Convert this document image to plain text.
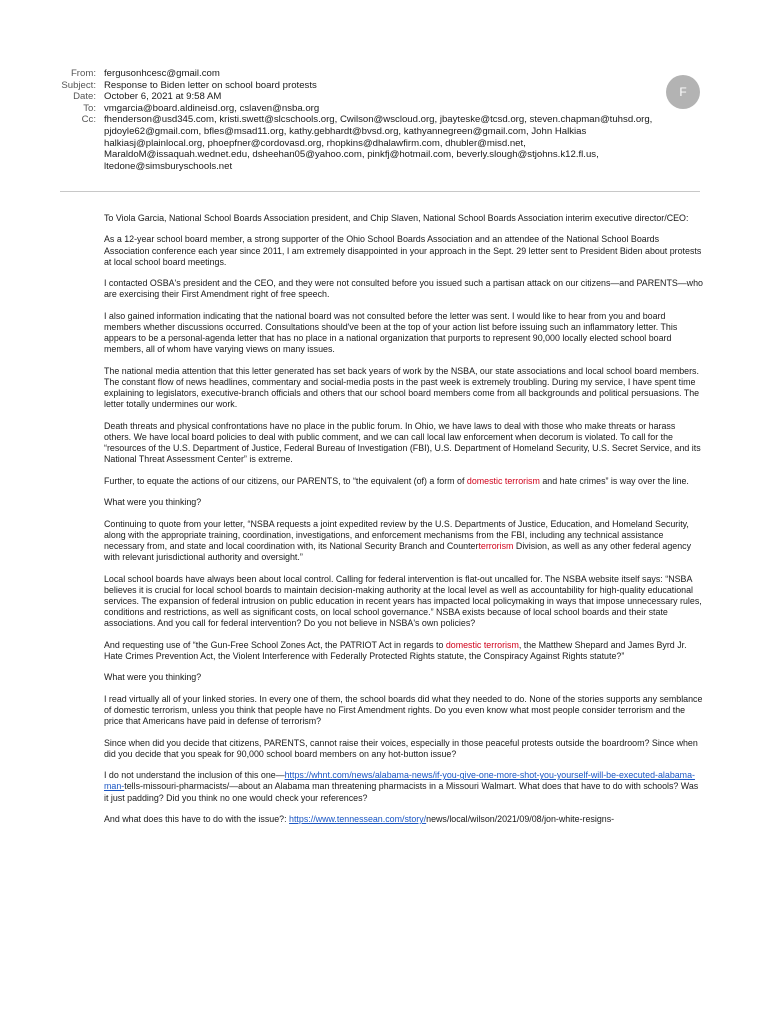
From: fergusonhcesc@gmail.com
Subject: Response to Biden letter on school board protests
Date: October 6, 2021 at 9:58 AM
To: vmgarcia@board.aldineisd.org, cslaven@nsba.org
Cc: fhenderson@usd345.com, kristi.swett@slcschools.org, Cwilson@wscloud.org, jbayteske@tcsd.org, steven.chapman@tuhsd.org, pjdoyle62@gmail.com, bfles@msad11.org, kathy.gebhardt@bvsd.org, kathyannegreen@gmail.com, John Halkias halkiasj@plainlocal.org, phoepfner@cordovasd.org, rhopkins@dhalawfirm.com, dhubler@misd.net, MaraldoM@issaquah.wednet.edu, dsheehan05@yahoo.com, pinkfj@hotmail.com, beverly.slough@stjohns.k12.fl.us, ltedone@simsburyschools.net
F

To Viola Garcia, National School Boards Association president, and Chip Slaven, National School Boards Association interim executive director/CEO:

As a 12-year school board member, a strong supporter of the Ohio School Boards Association and an attendee of the National School Boards Association conference each year since 2011, I am extremely disappointed in your approach in the Sept. 29 letter sent to President Biden about protests at local school board meetings.

I contacted OSBA's president and the CEO, and they were not consulted before you issued such a partisan attack on our citizens—and PARENTS—who are exercising their First Amendment right of free speech.

I also gained information indicating that the national board was not consulted before the letter was sent. I would like to hear from you and board members whether discussions occurred. Consultations should've been at the top of your action list before issuing such an inflammatory letter. This appears to be a personal-agenda letter that has no place in a national organization that purports to represent 90,000 locally elected school board members, all of whom have varying views on many issues.

The national media attention that this letter generated has set back years of work by the NSBA, our state associations and local school board members. The constant flow of news headlines, commentary and social-media posts in the past week is extremely troubling. During my service, I have spent time explaining to legislators, executive-branch officials and others that our school board members come from all backgrounds and political persuasions. The letter totally undermines our work.

Death threats and physical confrontations have no place in the public forum. In Ohio, we have laws to deal with those who make threats or harass others. We have local board policies to deal with public comment, and we can call local law enforcement when decorum is violated. To call for the “resources of the U.S. Department of Justice, Federal Bureau of Investigation (FBI), U.S. Department of Homeland Security, U.S. Secret Service, and its National Threat Assessment Center” is extreme.

Further, to equate the actions of our citizens, our PARENTS, to “the equivalent (of) a form of domestic terrorism and hate crimes” is way over the line.

What were you thinking?

Continuing to quote from your letter, “NSBA requests a joint expedited review by the U.S. Departments of Justice, Education, and Homeland Security, along with the appropriate training, coordination, investigations, and enforcement mechanisms from the FBI, including any technical assistance necessary from, and state and local coordination with, its National Security Branch and Counterterrorism Division, as well as any other federal agency with relevant jurisdictional authority and oversight.”

Local school boards have always been about local control. Calling for federal intervention is flat-out uncalled for. The NSBA website itself says: “NSBA believes it is crucial for local school boards to maintain decision-making authority at the local level as well as accountability for high-quality educational services. The expansion of federal intrusion on public education in recent years has impacted local policymaking in ways that impose unnecessary rules, conditions and restrictions, as well as significant costs, on local school governance.” NSBA exists because of local school boards and their state associations. And you call for federal intervention? Do you not believe in NSBA's own policies?

And requesting use of “the Gun-Free School Zones Act, the PATRIOT Act in regards to domestic terrorism, the Matthew Shepard and James Byrd Jr. Hate Crimes Prevention Act, the Violent Interference with Federally Protected Rights statute, the Conspiracy Against Rights statute?”

What were you thinking?

I read virtually all of your linked stories. In every one of them, the school boards did what they needed to do. None of the stories supports any semblance of domestic terrorism, unless you think that people have no First Amendment rights. Do you even know what most people consider terrorism and the price that Americans have paid in defense of terrorism?

Since when did you decide that citizens, PARENTS, cannot raise their voices, especially in those peaceful protests outside the boardroom? Since when did you decide that you speak for 90,000 school board members on any hot-button issue?

I do not understand the inclusion of this one—https://whnt.com/news/alabama-news/if-you-give-one-more-shot-you-yourself-will-be-executed-alabama-man-tells-missouri-pharmacists/—about an Alabama man threatening pharmacists in a Missouri Walmart. What does that have to do with schools? Was it just padding? Did you think no one would check your references?

And what does this have to do with the issue?: https://www.tennessean.com/story/news/local/wilson/2021/09/08/jon-white-resigns-
